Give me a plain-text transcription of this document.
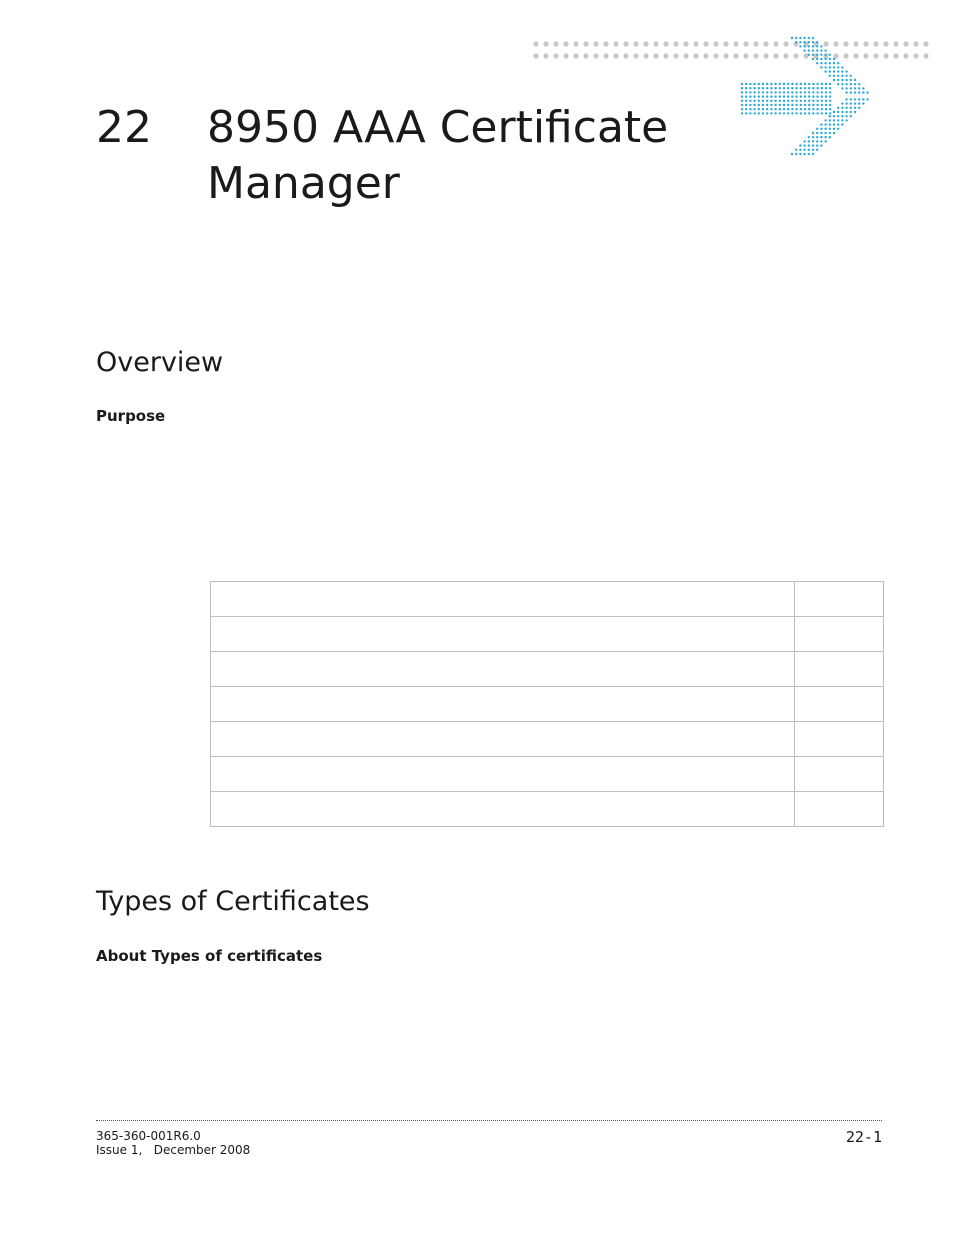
22 8950 AAA Certificate Manager
Overview
Purpose

Types of Certificates
About Types of certificates
365-360-001R6.0
Issue 1,   December 2008
22-1
